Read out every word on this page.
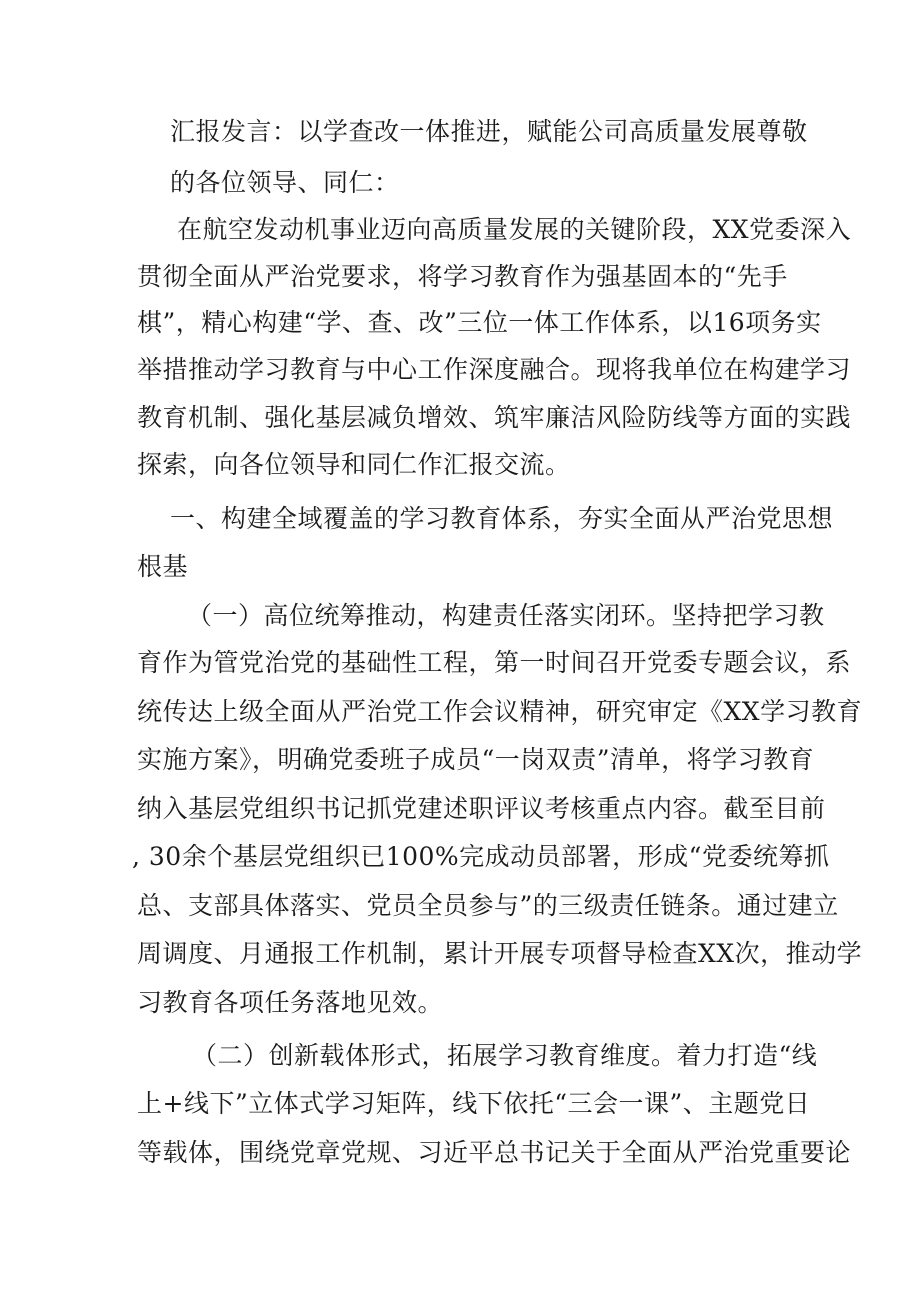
汇报发言：以学查改一体推进，赋能公司高质量发展尊敬
的各位领导、同仁：
在航空发动机事业迈向高质量发展的关键阶段，XX党委深入
贯彻全面从严治党要求，将学习教育作为强基固本的“先手
棋”，精心构建“学、查、改”三位一体工作体系，以16项务实
举措推动学习教育与中心工作深度融合。现将我单位在构建学习
教育机制、强化基层减负增效、筑牢廉洁风险防线等方面的实践
探索，向各位领导和同仁作汇报交流。
一、构建全域覆盖的学习教育体系，夯实全面从严治党思想
根基
（一）高位统筹推动，构建责任落实闭环。坚持把学习教
育作为管党治党的基础性工程，第一时间召开党委专题会议，系
统传达上级全面从严治党工作会议精神，研究审定《XX学习教育
实施方案》，明确党委班子成员“一岗双责”清单，将学习教育
纳入基层党组织书记抓党建述职评议考核重点内容。截至目前
, 30余个基层党组织已100%完成动员部署，形成“党委统筹抓
总、支部具体落实、党员全员参与”的三级责任链条。通过建立
周调度、月通报工作机制，累计开展专项督导检查XX次，推动学
习教育各项任务落地见效。
（二）创新载体形式，拓展学习教育维度。着力打造“线
上+线下”立体式学习矩阵，线下依托“三会一课”、主题党日
等载体，围绕党章党规、习近平总书记关于全面从严治党重要论
